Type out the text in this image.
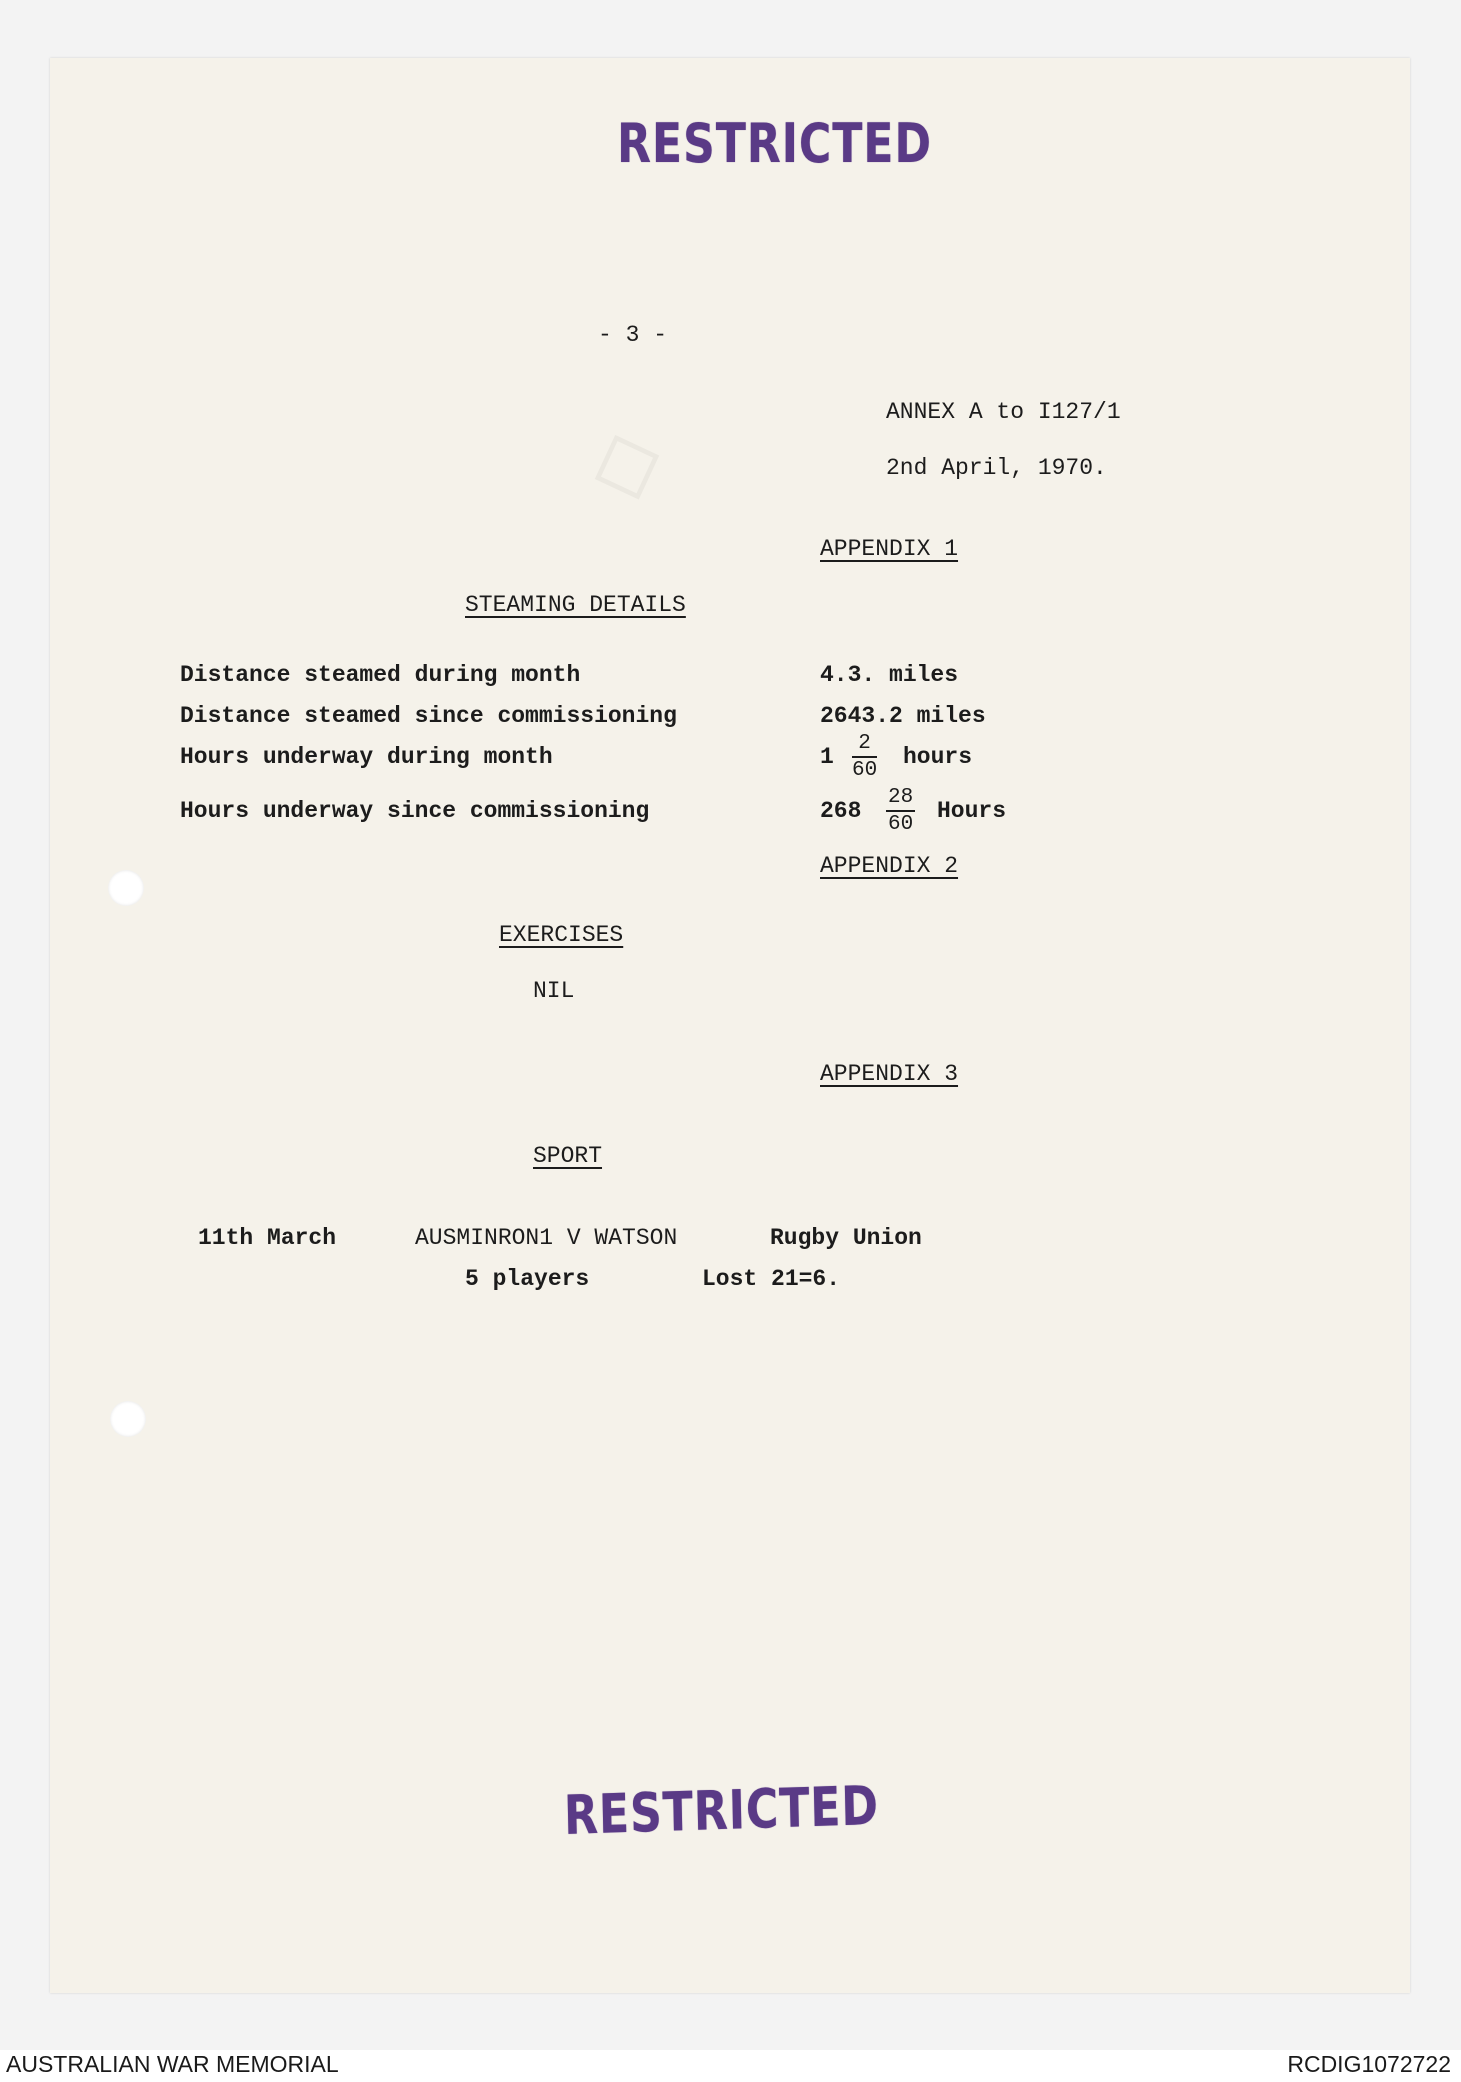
RESTRICTED
- 3 -
ANNEX A to I127/1
2nd April, 1970.
APPENDIX 1
STEAMING DETAILS
Distance steamed during month	4.3. miles
Distance steamed since commissioning	2643.2 miles
Hours underway during month	$1 \frac{2}{60}$ hours
Hours underway since commissioning	$268 \frac{28}{60}$ Hours
APPENDIX 2
EXERCISES
NIL
APPENDIX 3
SPORT
11th March	AUSMINRON1 V WATSON	Rugby Union
5 players	Lost 21=6.
RESTRICTED
AUSTRALIAN WAR MEMORIAL	RCDIG1072722
